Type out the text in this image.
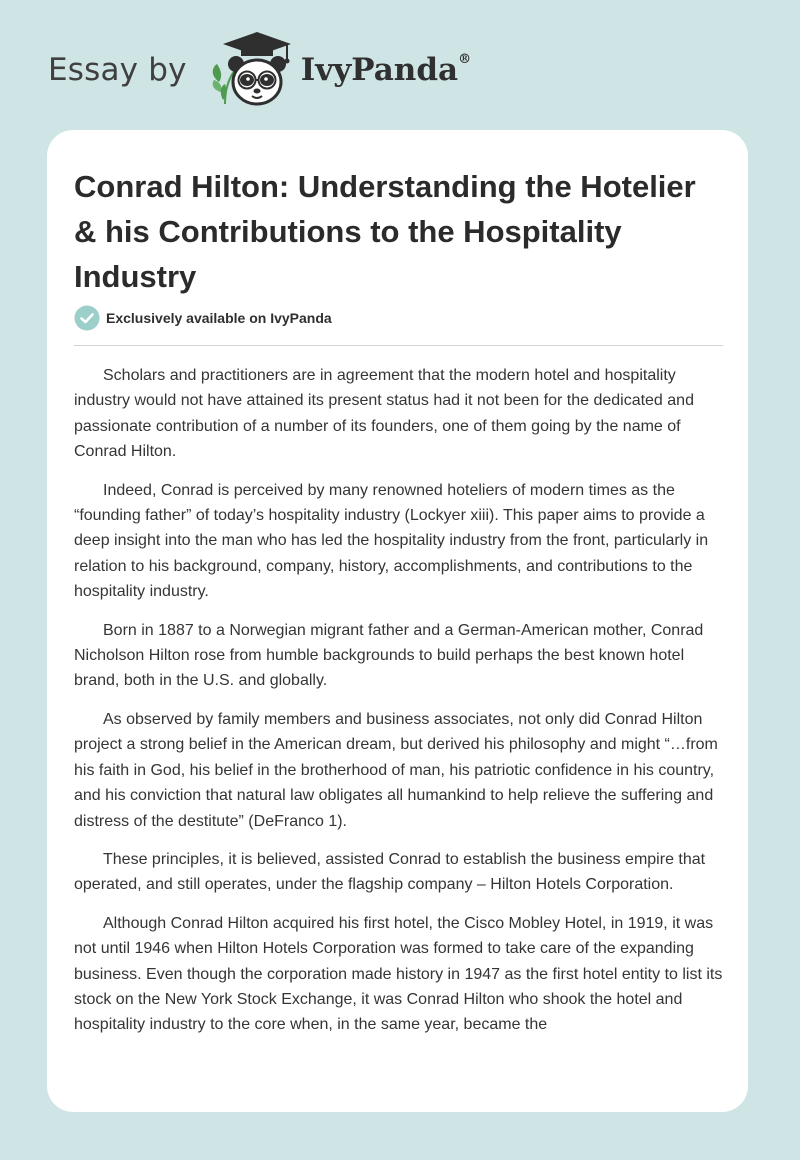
Essay by	IvyPanda®
Conrad Hilton: Understanding the Hotelier & his Contributions to the Hospitality Industry
Exclusively available on IvyPanda

Scholars and practitioners are in agreement that the modern hotel and hospitality industry would not have attained its present status had it not been for the dedicated and passionate contribution of a number of its founders, one of them going by the name of Conrad Hilton.

Indeed, Conrad is perceived by many renowned hoteliers of modern times as the “founding father” of today’s hospitality industry (Lockyer xiii). This paper aims to provide a deep insight into the man who has led the hospitality industry from the front, particularly in relation to his background, company, history, accomplishments, and contributions to the hospitality industry.

Born in 1887 to a Norwegian migrant father and a German-American mother, Conrad Nicholson Hilton rose from humble backgrounds to build perhaps the best known hotel brand, both in the U.S. and globally.

As observed by family members and business associates, not only did Conrad Hilton project a strong belief in the American dream, but derived his philosophy and might “…from his faith in God, his belief in the brotherhood of man, his patriotic confidence in his country, and his conviction that natural law obligates all humankind to help relieve the suffering and distress of the destitute” (DeFranco 1).

These principles, it is believed, assisted Conrad to establish the business empire that operated, and still operates, under the flagship company – Hilton Hotels Corporation.

Although Conrad Hilton acquired his first hotel, the Cisco Mobley Hotel, in 1919, it was not until 1946 when Hilton Hotels Corporation was formed to take care of the expanding business. Even though the corporation made history in 1947 as the first hotel entity to list its stock on the New York Stock Exchange, it was Conrad Hilton who shook the hotel and hospitality industry to the core when, in the same year, became the
